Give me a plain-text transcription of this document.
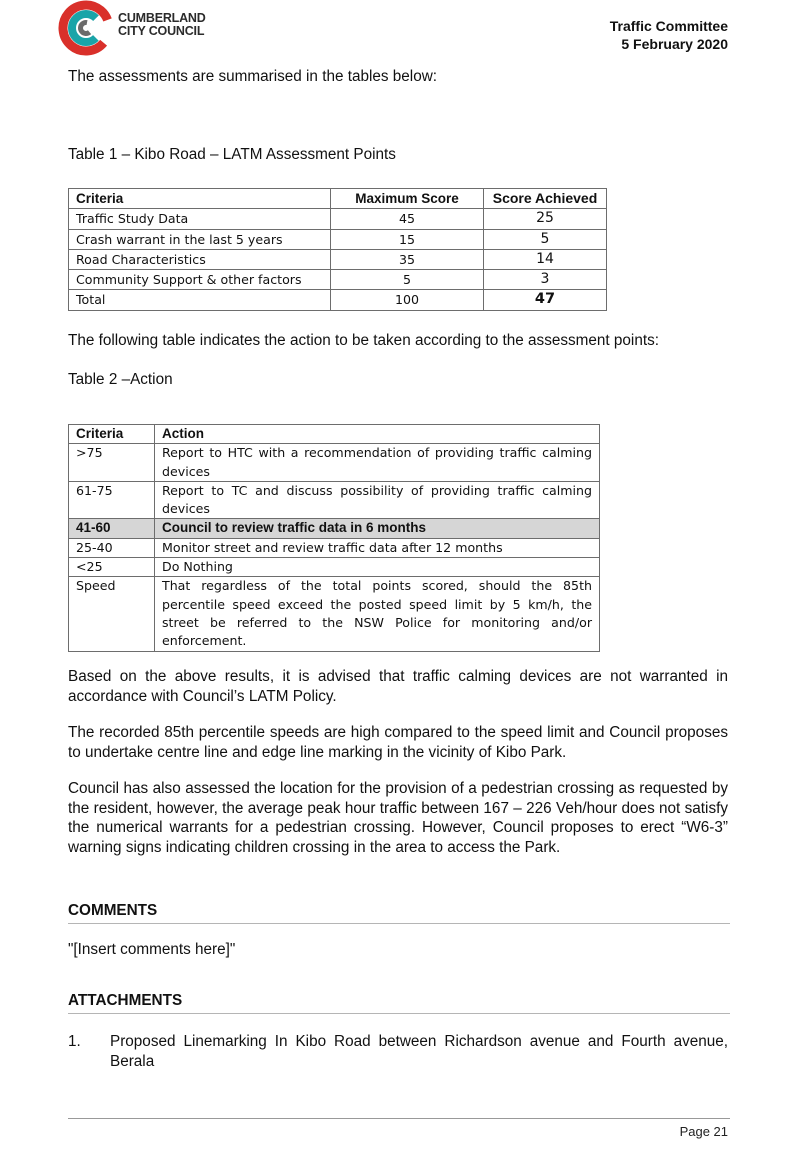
CUMBERLAND
CITY COUNCIL	Traffic Committee
5 February 2020
The assessments are summarised in the tables below:
Table 1 – Kibo Road – LATM Assessment Points
Criteria	Maximum Score	Score Achieved
Traffic Study Data	45	25
Crash warrant in the last 5 years	15	5
Road Characteristics	35	14
Community Support & other factors	5	3
Total	100	47
The following table indicates the action to be taken according to the assessment points:
Table 2 –Action
Criteria	Action
>75	Report to HTC with a recommendation of providing traffic calming devices
61-75	Report to TC and discuss possibility of providing traffic calming devices
41-60	Council to review traffic data in 6 months
25-40	Monitor street and review traffic data after 12 months
<25	Do Nothing
Speed	That regardless of the total points scored, should the 85th percentile speed exceed the posted speed limit by 5 km/h, the street be referred to the NSW Police for monitoring and/or enforcement.
Based on the above results, it is advised that traffic calming devices are not warranted in accordance with Council’s LATM Policy.
The recorded 85th percentile speeds are high compared to the speed limit and Council proposes to undertake centre line and edge line marking in the vicinity of Kibo Park.
Council has also assessed the location for the provision of a pedestrian crossing as requested by the resident, however, the average peak hour traffic between 167 – 226 Veh/hour does not satisfy the numerical warrants for a pedestrian crossing. However, Council proposes to erect “W6-3” warning signs indicating children crossing in the area to access the Park.
COMMENTS
"[Insert comments here]"
ATTACHMENTS
1. Proposed Linemarking In Kibo Road between Richardson avenue and Fourth avenue, Berala
Page 21
